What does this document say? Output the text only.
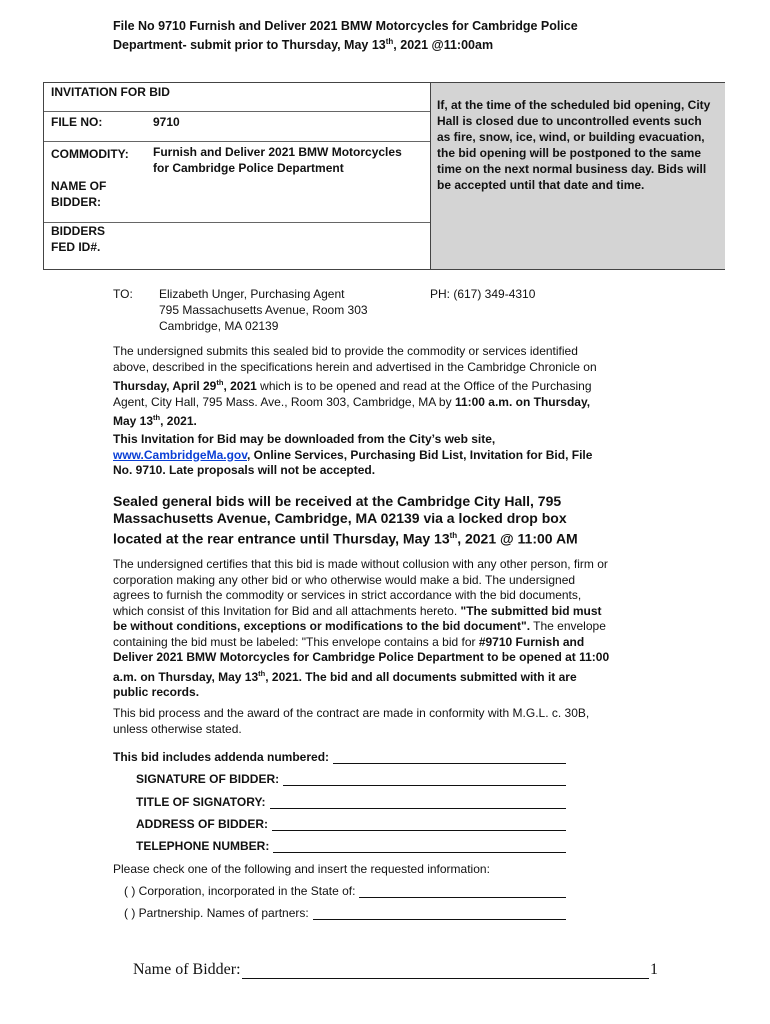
File No 9710 Furnish and Deliver 2021 BMW Motorcycles for Cambridge Police
Department- submit prior to Thursday, May 13th, 2021 @11:00am
INVITATION FOR BID
FILE NO:	9710
COMMODITY: Furnish and Deliver 2021 BMW Motorcycles
for Cambridge Police Department
NAME OF
BIDDER:
BIDDERS
FED ID#.
If, at the time of the scheduled bid opening, City Hall is closed due to uncontrolled events such as fire, snow, ice, wind, or building evacuation, the bid opening will be postponed to the same time on the next normal business day. Bids will be accepted until that date and time.
TO: Elizabeth Unger, Purchasing Agent
795 Massachusetts Avenue, Room 303
Cambridge, MA 02139
PH: (617) 349-4310
The undersigned submits this sealed bid to provide the commodity or services identified above, described in the specifications herein and advertised in the Cambridge Chronicle on Thursday, April 29th, 2021 which is to be opened and read at the Office of the Purchasing Agent, City Hall, 795 Mass. Ave., Room 303, Cambridge, MA by 11:00 a.m. on Thursday, May 13th, 2021.
This Invitation for Bid may be downloaded from the City’s web site, www.CambridgeMa.gov, Online Services, Purchasing Bid List, Invitation for Bid, File No. 9710. Late proposals will not be accepted.
Sealed general bids will be received at the Cambridge City Hall, 795 Massachusetts Avenue, Cambridge, MA 02139 via a locked drop box located at the rear entrance until Thursday, May 13th, 2021 @ 11:00 AM
The undersigned certifies that this bid is made without collusion with any other person, firm or corporation making any other bid or who otherwise would make a bid. The undersigned agrees to furnish the commodity or services in strict accordance with the bid documents, which consist of this Invitation for Bid and all attachments hereto. "The submitted bid must be without conditions, exceptions or modifications to the bid document". The envelope containing the bid must be labeled: "This envelope contains a bid for #9710 Furnish and Deliver 2021 BMW Motorcycles for Cambridge Police Department to be opened at 11:00 a.m. on Thursday, May 13th, 2021. The bid and all documents submitted with it are public records.
This bid process and the award of the contract are made in conformity with M.G.L. c. 30B, unless otherwise stated.
This bid includes addenda numbered:
SIGNATURE OF BIDDER:
TITLE OF SIGNATORY:
ADDRESS OF BIDDER:
TELEPHONE NUMBER:
Please check one of the following and insert the requested information:
( ) Corporation, incorporated in the State of:
( ) Partnership. Names of partners:
Name of Bidder:	1
